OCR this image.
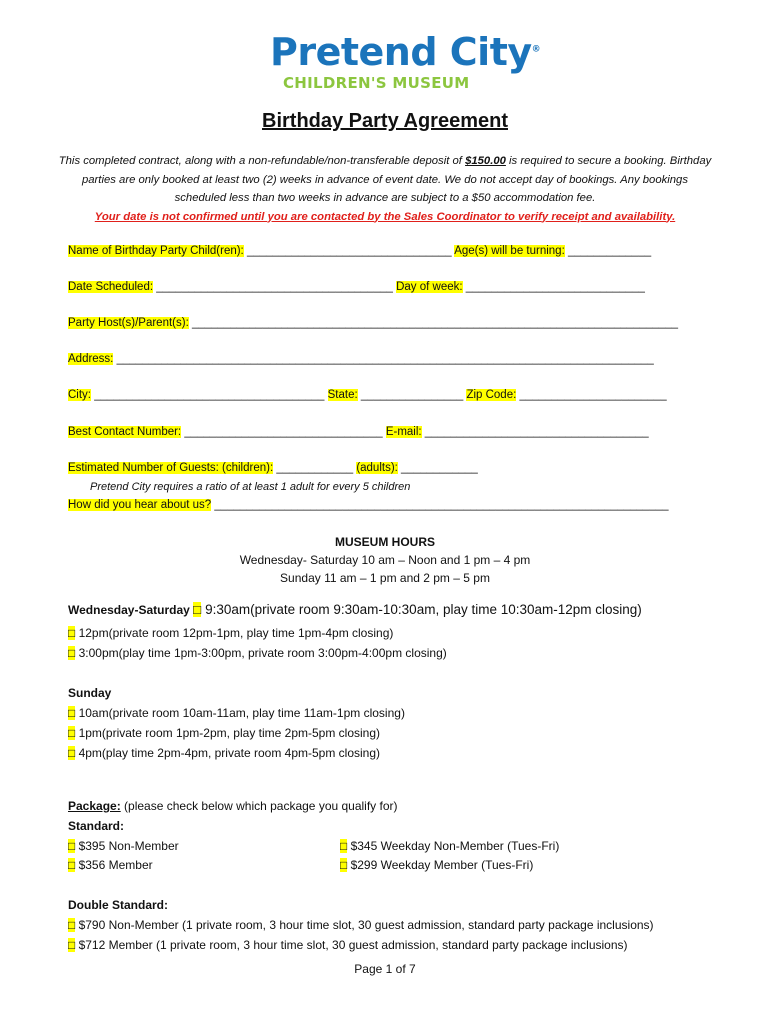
Pretend City®
CHILDREN'S MUSEUM
Birthday Party Agreement
This completed contract, along with a non-refundable/non-transferable deposit of $150.00 is required to secure a booking. Birthday parties are only booked at least two (2) weeks in advance of event date. We do not accept day of bookings. Any bookings scheduled less than two weeks in advance are subject to a $50 accommodation fee.
Your date is not confirmed until you are contacted by the Sales Coordinator to verify receipt and availability.
Name of Birthday Party Child(ren): ________________________________ Age(s) will be turning: _____________
Date Scheduled: _____________________________________ Day of week: ____________________________
Party Host(s)/Parent(s): ____________________________________________________________________________
Address: ____________________________________________________________________________________
City: ____________________________________ State: ________________ Zip Code: _______________________
Best Contact Number: _______________________________ E-mail: ___________________________________
Estimated Number of Guests: (children): ____________ (adults): ____________
Pretend City requires a ratio of at least 1 adult for every 5 children
How did you hear about us? _______________________________________________________________________
MUSEUM HOURS
Wednesday- Saturday 10 am – Noon and 1 pm – 4 pm
Sunday 11 am – 1 pm and 2 pm – 5 pm
Wednesday-Saturday □ 9:30am(private room 9:30am-10:30am, play time 10:30am-12pm closing)
□ 12pm(private room 12pm-1pm, play time 1pm-4pm closing)
□ 3:00pm(play time 1pm-3:00pm, private room 3:00pm-4:00pm closing)
Sunday
□ 10am(private room 10am-11am, play time 11am-1pm closing)
□ 1pm(private room 1pm-2pm, play time 2pm-5pm closing)
□ 4pm(play time 2pm-4pm, private room 4pm-5pm closing)
Package: (please check below which package you qualify for)
Standard:
□ $395 Non-Member
□ $356 Member
□ $345 Weekday Non-Member (Tues-Fri)
□ $299 Weekday Member (Tues-Fri)
Double Standard:
□ $790 Non-Member (1 private room, 3 hour time slot, 30 guest admission, standard party package inclusions)
□ $712 Member (1 private room, 3 hour time slot, 30 guest admission, standard party package inclusions)
Page 1 of 7
